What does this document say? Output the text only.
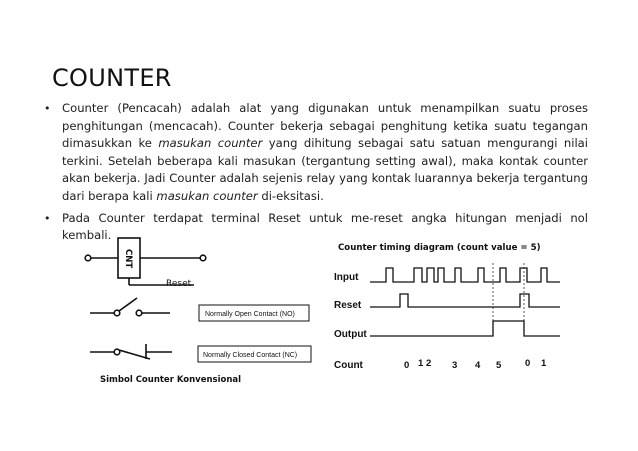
COUNTER
• Counter (Pencacah) adalah alat yang digunakan untuk menampilkan suatu proses penghitungan (mencacah). Counter bekerja sebagai penghitung ketika suatu tegangan dimasukkan ke masukan counter yang dihitung sebagai satu satuan mengurangi nilai terkini. Setelah beberapa kali masukan (tergantung setting awal), maka kontak counter akan bekerja. Jadi Counter adalah sejenis relay yang kontak luarannya bekerja tergantung dari berapa kali masukan counter di-eksitasi.
• Pada Counter terdapat terminal Reset untuk me-reset angka hitungan menjadi nol kembali.
CNT
Reset
Normally Open Contact (NO)
Normally Closed Contact (NC)
Simbol Counter Konvensional
Counter timing diagram (count value = 5)
Input
Reset
Output
Count	0 1 2 3 4 5 0 1
